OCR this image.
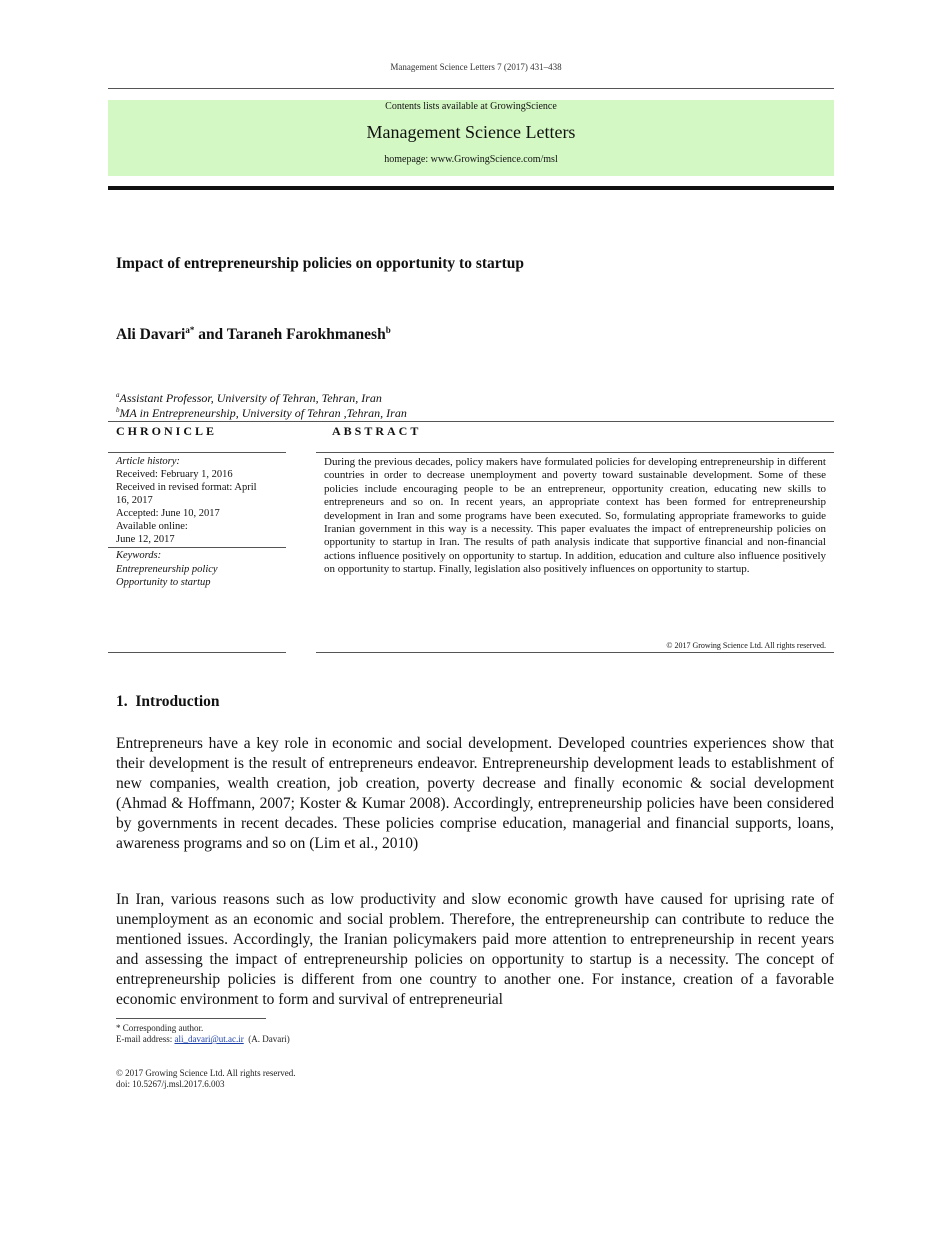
Management Science Letters 7 (2017) 431–438
Contents lists available at GrowingScience
Management Science Letters
homepage: www.GrowingScience.com/msl
Impact of entrepreneurship policies on opportunity to startup
Ali Davari$^{a*}$ and Taraneh Farokhmanesh$^b$
$^a$Assistant Professor, University of Tehran, Tehran, Iran
$^b$MA in Entrepreneurship, University of Tehran ,Tehran, Iran
CHRONICLE	ABSTRACT
Article history:
Received: February 1, 2016
Received in revised format: April
16, 2017
Accepted: June 10, 2017
Available online:
June 12, 2017
Keywords:
Entrepreneurship policy
Opportunity to startup
During the previous decades, policy makers have formulated policies for developing entrepreneurship in different countries in order to decrease unemployment and poverty toward sustainable development. Some of these policies include encouraging people to be an entrepreneur, opportunity creation, educating new skills to entrepreneurs and so on. In recent years, an appropriate context has been formed for entrepreneurship development in Iran and some programs have been executed. So, formulating appropriate frameworks to guide Iranian government in this way is a necessity. This paper evaluates the impact of entrepreneurship policies on opportunity to startup in Iran. The results of path analysis indicate that supportive financial and non-financial actions influence positively on opportunity to startup. In addition, education and culture also influence positively on opportunity to startup. Finally, legislation also positively influences on opportunity to startup.
© 2017 Growing Science Ltd. All rights reserved.
1.  Introduction
Entrepreneurs have a key role in economic and social development. Developed countries experiences show that their development is the result of entrepreneurs endeavor. Entrepreneurship development leads to establishment of new companies, wealth creation, job creation, poverty decrease and finally economic & social development (Ahmad & Hoffmann, 2007; Koster & Kumar 2008). Accordingly, entrepreneurship policies have been considered by governments in recent decades. These policies comprise education, managerial and financial supports, loans, awareness programs and so on (Lim et al., 2010)
In Iran, various reasons such as low productivity and slow economic growth have caused for uprising rate of unemployment as an economic and social problem. Therefore, the entrepreneurship can contribute to reduce the mentioned issues. Accordingly, the Iranian policymakers paid more attention to entrepreneurship in recent years and assessing the impact of entrepreneurship policies on opportunity to startup is a necessity. The concept of entrepreneurship policies is different from one country to another one. For instance, creation of a favorable economic environment to form and survival of entrepreneurial
* Corresponding author.
E-mail address: ali_davari@ut.ac.ir  (A. Davari)
© 2017 Growing Science Ltd. All rights reserved.
doi: 10.5267/j.msl.2017.6.003
